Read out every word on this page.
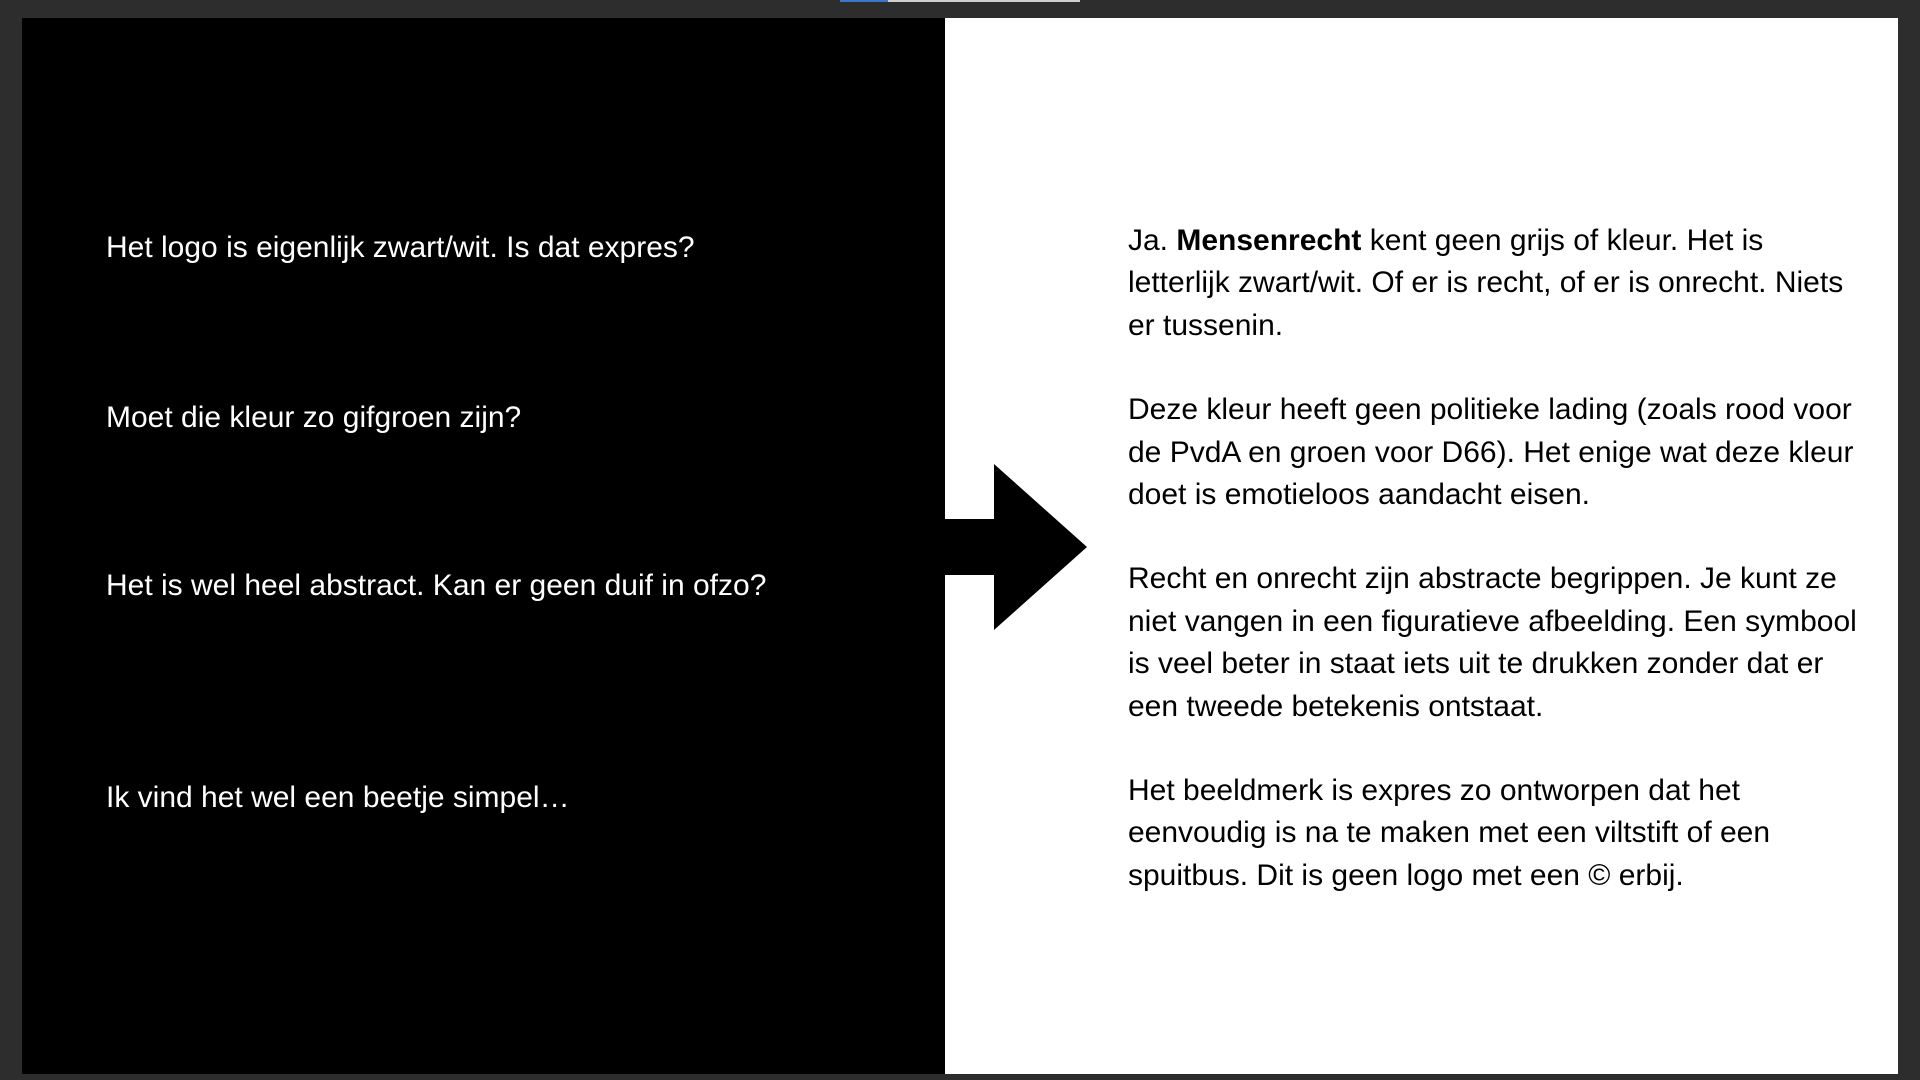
Het logo is eigenlijk zwart/wit. Is dat expres?
Moet die kleur zo gifgroen zijn?
Het is wel heel abstract. Kan er geen duif in ofzo?
Ik vind het wel een beetje simpel…

Ja. Mensenrecht kent geen grijs of kleur. Het is letterlijk zwart/wit. Of er is recht, of er is onrecht. Niets er tussenin.

Deze kleur heeft geen politieke lading (zoals rood voor de PvdA en groen voor D66). Het enige wat deze kleur doet is emotieloos aandacht eisen.

Recht en onrecht zijn abstracte begrippen. Je kunt ze niet vangen in een figuratieve afbeelding. Een symbool is veel beter in staat iets uit te drukken zonder dat er een tweede betekenis ontstaat.

Het beeldmerk is expres zo ontworpen dat het eenvoudig is na te maken met een viltstift of een spuitbus. Dit is geen logo met een © erbij.
